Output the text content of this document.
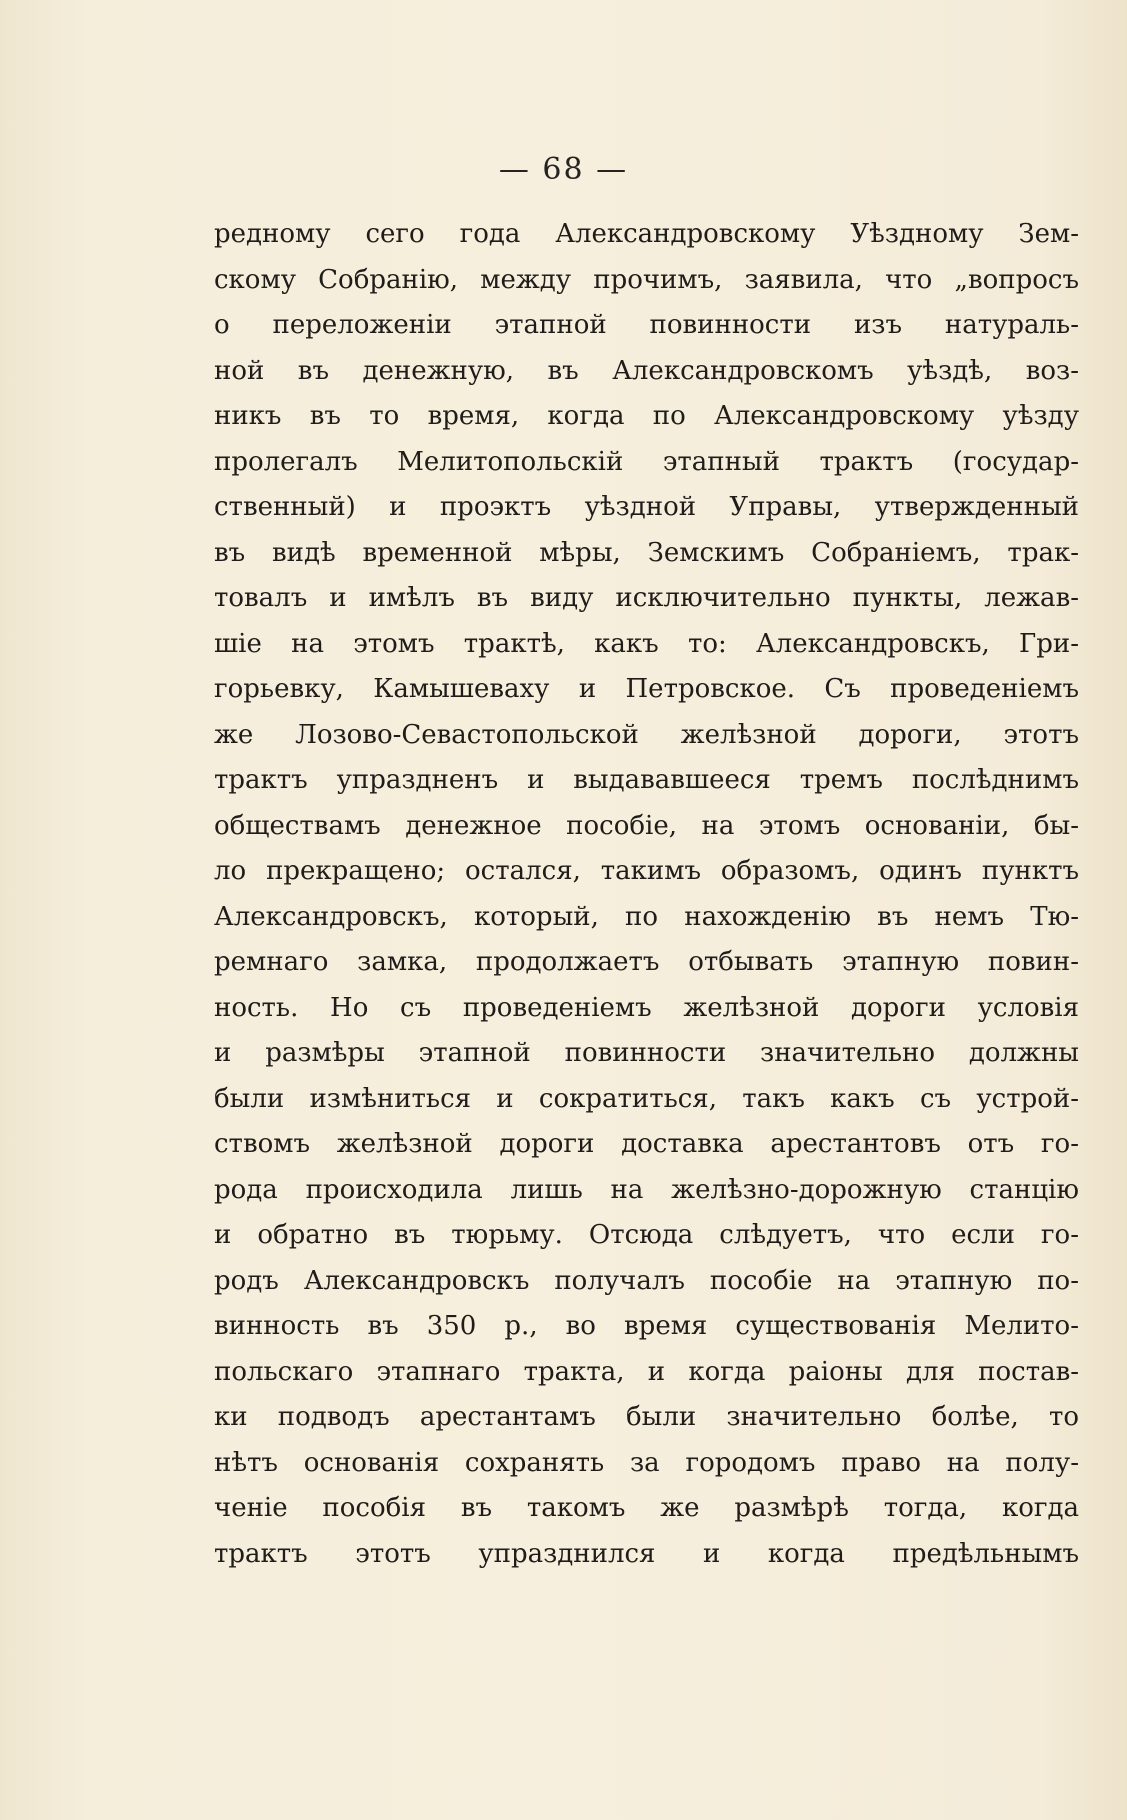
— 68 —
редному сего года Александровскому Уѣздному Зем-
скому Собранію, между прочимъ, заявила, что „вопросъ
о переложеніи этапной повинности изъ натураль-
ной въ денежную, въ Александровскомъ уѣздѣ, воз-
никъ въ то время, когда по Александровскому уѣзду
пролегалъ Мелитопольскій этапный трактъ (государ-
ственный) и проэктъ уѣздной Управы, утвержденный
въ видѣ временной мѣры, Земскимъ Собраніемъ, трак-
товалъ и имѣлъ въ виду исключительно пункты, лежав-
шіе на этомъ трактѣ, какъ то: Александровскъ, Гри-
горьевку, Камышеваху и Петровское. Съ проведеніемъ
же Лозово-Севастопольской желѣзной дороги, этотъ
трактъ упраздненъ и выдававшееся тремъ послѣднимъ
обществамъ денежное пособіе, на этомъ основаніи, бы-
ло прекращено; остался, такимъ образомъ, одинъ пунктъ
Александровскъ, который, по нахожденію въ немъ Тю-
ремнаго замка, продолжаетъ отбывать этапную повин-
ность. Но съ проведеніемъ желѣзной дороги условія
и размѣры этапной повинности значительно должны
были измѣниться и сократиться, такъ какъ съ устрой-
ствомъ желѣзной дороги доставка арестантовъ отъ го-
рода происходила лишь на желѣзно-дорожную станцію
и обратно въ тюрьму. Отсюда слѣдуетъ, что если го-
родъ Александровскъ получалъ пособіе на этапную по-
винность въ 350 р., во время существованія Мелито-
польскаго этапнаго тракта, и когда раіоны для постав-
ки подводъ арестантамъ были значительно болѣе, то
нѣтъ основанія сохранять за городомъ право на полу-
ченіе пособія въ такомъ же размѣрѣ тогда, когда
трактъ этотъ упразднился и когда предѣльнымъ
